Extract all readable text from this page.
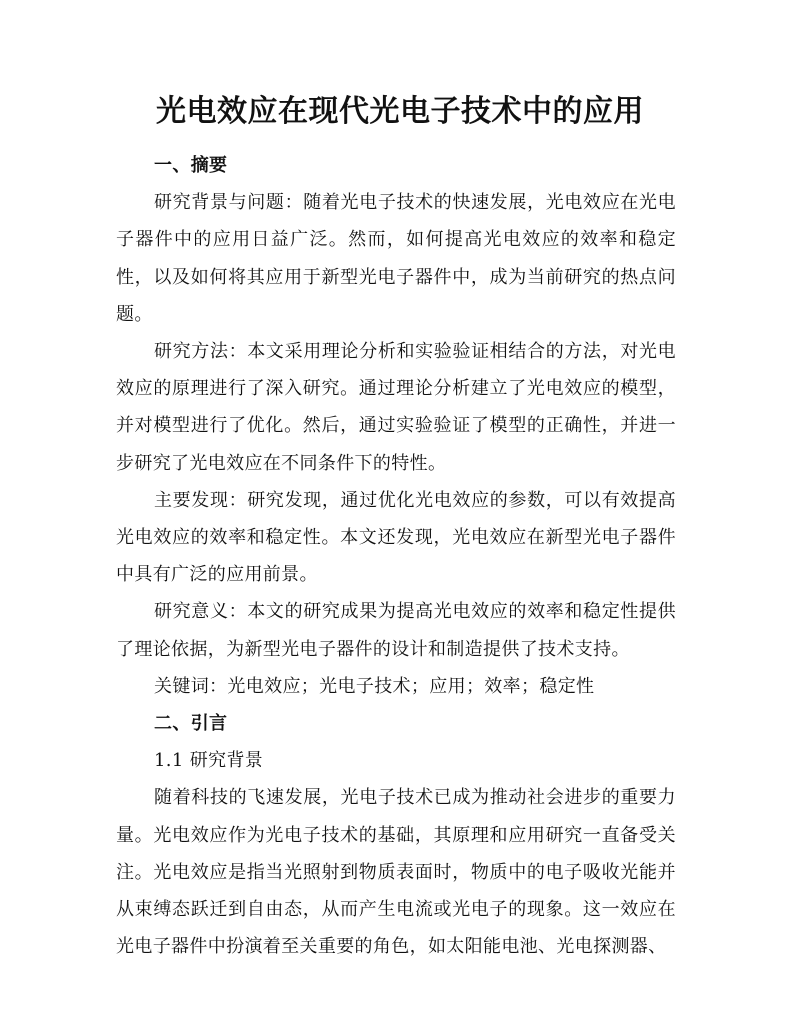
光电效应在现代光电子技术中的应用
一、摘要

研究背景与问题：随着光电子技术的快速发展，光电效应在光电子器件中的应用日益广泛。然而，如何提高光电效应的效率和稳定性，以及如何将其应用于新型光电子器件中，成为当前研究的热点问题。

研究方法：本文采用理论分析和实验验证相结合的方法，对光电效应的原理进行了深入研究。通过理论分析建立了光电效应的模型，并对模型进行了优化。然后，通过实验验证了模型的正确性，并进一步研究了光电效应在不同条件下的特性。

主要发现：研究发现，通过优化光电效应的参数，可以有效提高光电效应的效率和稳定性。本文还发现，光电效应在新型光电子器件中具有广泛的应用前景。

研究意义：本文的研究成果为提高光电效应的效率和稳定性提供了理论依据，为新型光电子器件的设计和制造提供了技术支持。

关键词：光电效应；光电子技术；应用；效率；稳定性

二、引言

1.1 研究背景

随着科技的飞速发展，光电子技术已成为推动社会进步的重要力量。光电效应作为光电子技术的基础，其原理和应用研究一直备受关注。光电效应是指当光照射到物质表面时，物质中的电子吸收光能并从束缚态跃迁到自由态，从而产生电流或光电子的现象。这一效应在光电子器件中扮演着至关重要的角色，如太阳能电池、光电探测器、
